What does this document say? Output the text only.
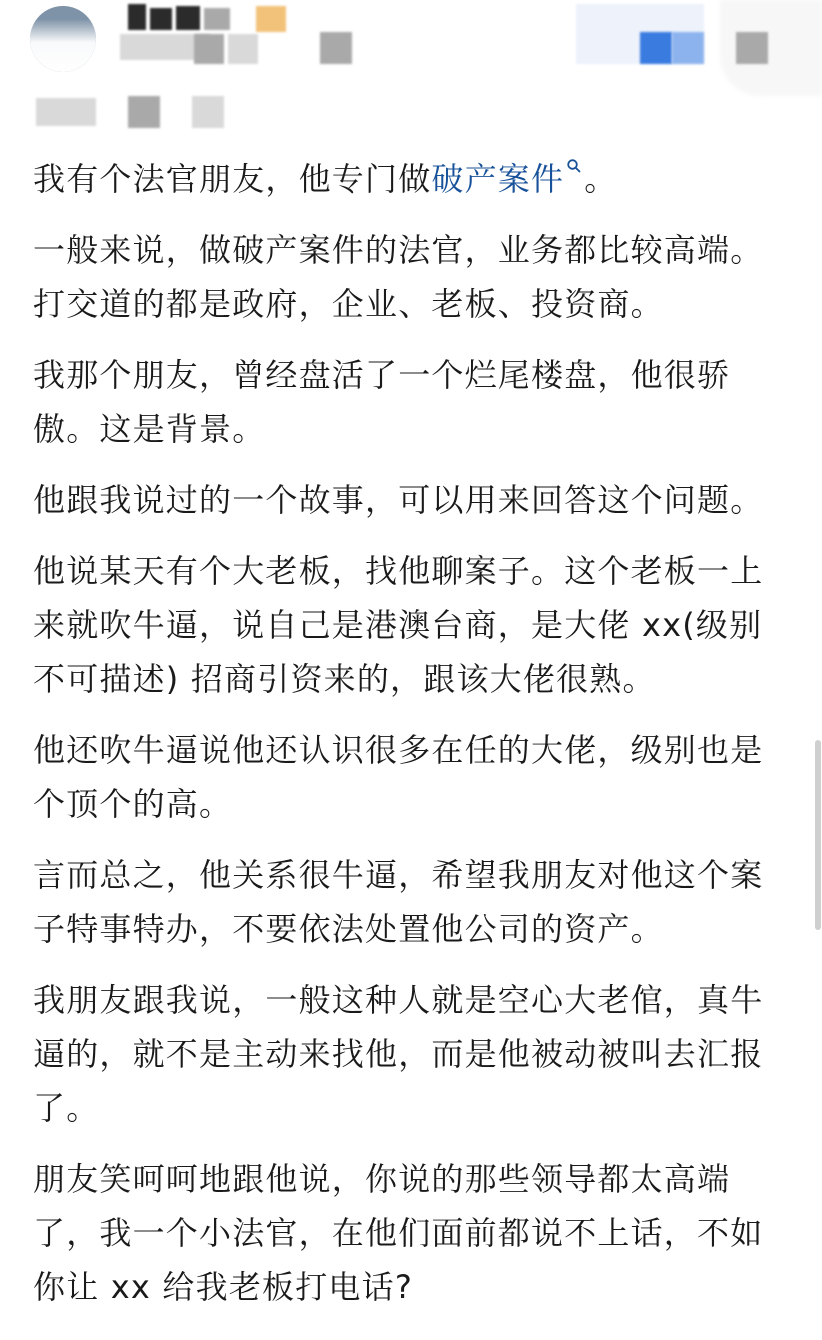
我有个法官朋友，他专门做破产案件 。

一般来说，做破产案件的法官，业务都比较高端。
打交道的都是政府，企业、老板、投资商。

我那个朋友，曾经盘活了一个烂尾楼盘，他很骄
傲。这是背景。

他跟我说过的一个故事，可以用来回答这个问题。

他说某天有个大老板，找他聊案子。这个老板一上
来就吹牛逼，说自己是港澳台商，是大佬 xx(级别
不可描述) 招商引资来的，跟该大佬很熟。

他还吹牛逼说他还认识很多在任的大佬，级别也是
个顶个的高。

言而总之，他关系很牛逼，希望我朋友对他这个案
子特事特办，不要依法处置他公司的资产。

我朋友跟我说，一般这种人就是空心大老倌，真牛
逼的，就不是主动来找他，而是他被动被叫去汇报
了。

朋友笑呵呵地跟他说，你说的那些领导都太高端
了，我一个小法官，在他们面前都说不上话，不如
你让 xx 给我老板打电话?
